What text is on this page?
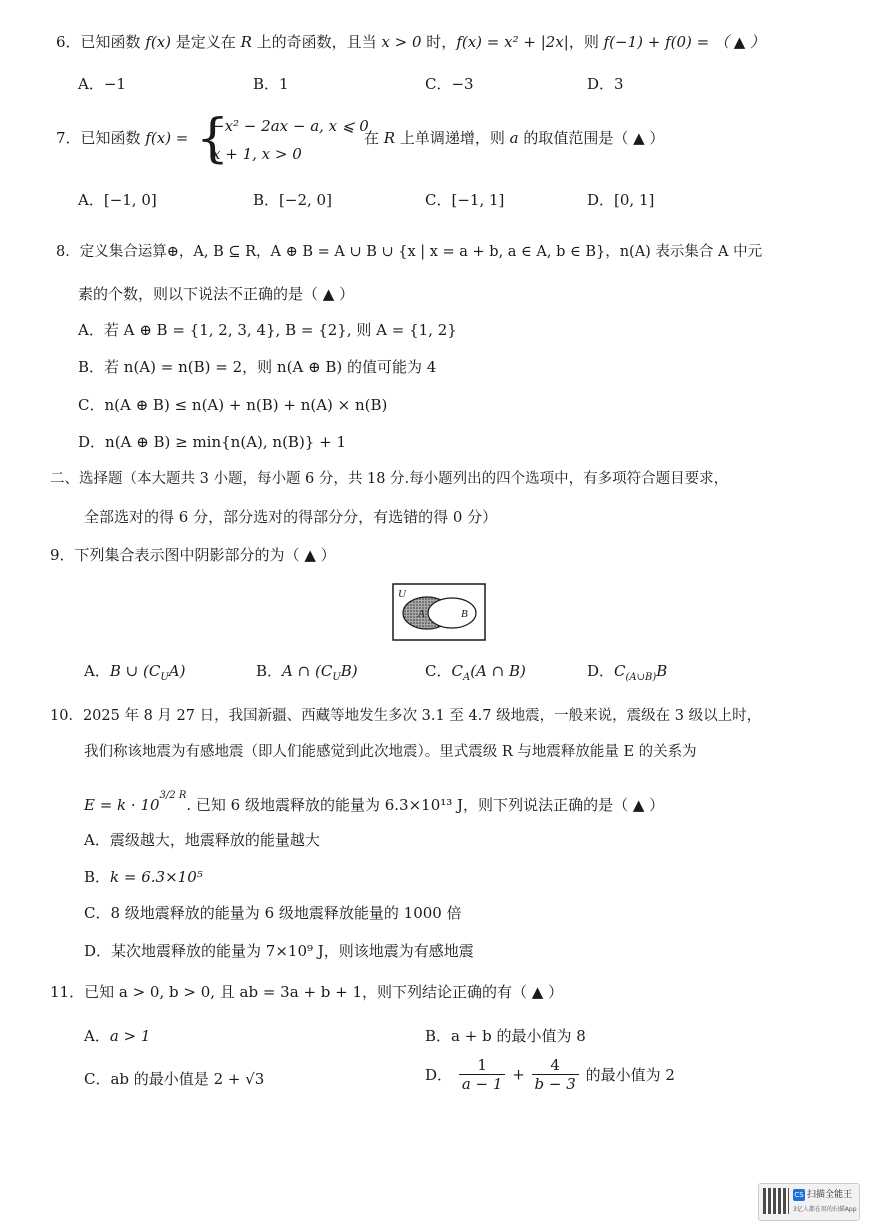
6．已知函数 f(x) 是定义在 R 上的奇函数，且当 x > 0 时，f(x) = x² + |2x|，则 f(−1) + f(0) = （ ▲ ）
A．−1	B．1	C．−3	D．3
7．已知函数 f(x) = {
−x² − 2ax − a, x ⩽ 0
x + 1, x > 0
在 R 上单调递增，则 a 的取值范围是（ ▲ ）
A．[−1, 0]	B．[−2, 0]	C．[−1, 1]	D．[0, 1]
8．定义集合运算⊕，A, B ⊆ R，A ⊕ B = A ∪ B ∪ {x | x = a + b, a ∈ A, b ∈ B}，n(A) 表示集合 A 中元
素的个数，则以下说法不正确的是（ ▲ ）
A．若 A ⊕ B = {1, 2, 3, 4}, B = {2}, 则 A = {1, 2}
B．若 n(A) = n(B) = 2，则 n(A ⊕ B) 的值可能为 4
C．n(A ⊕ B) ≤ n(A) + n(B) + n(A) × n(B)
D．n(A ⊕ B) ≥ min{n(A), n(B)} + 1
二、选择题（本大题共 3 小题，每小题 6 分，共 18 分.每小题列出的四个选项中，有多项符合题目要求，
全部选对的得 6 分，部分选对的得部分分，有选错的得 0 分）
9．下列集合表示图中阴影部分的为（ ▲ ）
U
A	B
A．B ∪ $(C_UA)$	B．A ∩ $(C_UB)$	C．$C_A(A$ ∩ B)	D．$C_{(A\cup B)}B$
10．2025 年 8 月 27 日，我国新疆、西藏等地发生多次 3.1 至 4.7 级地震，一般来说，震级在 3 级以上时，
我们称该地震为有感地震（即人们能感觉到此次地震）。里式震级 R 与地震释放能量 E 的关系为
$E = k \cdot 10^{3/2 R}$. 已知 6 级地震释放的能量为 6.3×10¹³ J，则下列说法正确的是（ ▲ ）
A．震级越大，地震释放的能量越大
B．k = 6.3×10⁵
C．8 级地震释放的能量为 6 级地震释放能量的 1000 倍
D．某次地震释放的能量为 7×10⁹ J，则该地震为有感地震
11．已知 a > 0, b > 0, 且 ab = 3a + b + 1，则下列结论正确的有（ ▲ ）
A．a > 1	B．a + b 的最小值为 8
C．ab 的最小值是 2 + √3	D． $\frac{1}{a - 1} + \frac{4}{b - 3}$ 的最小值为 2
CS 扫描全能王
3亿人都在用的扫描App
